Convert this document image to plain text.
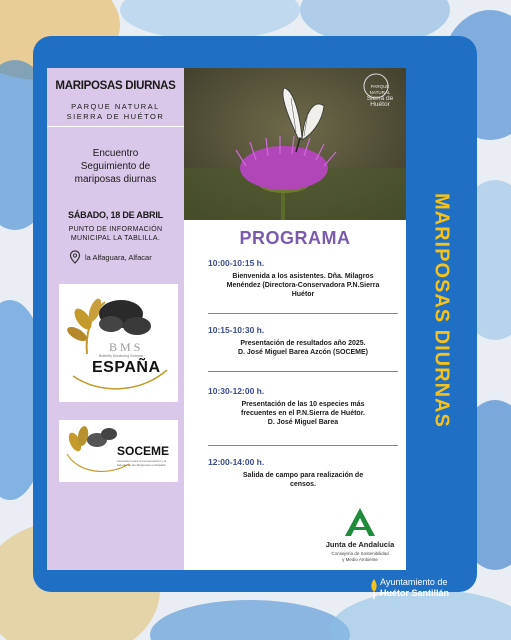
MARIPOSAS DIURNAS
PARQUE NATURAL
SIERRA DE HUÉTOR
Encuentro
Seguimiento de
mariposas diurnas
SÁBADO, 18 DE ABRIL
PUNTO DE INFORMACIÓN
MUNICIPAL LA TABLILLA.
la Alfaguara, Alfacar
BMS
Butterfly Monitoring Scheme
ESPAÑA
SOCEME
Asociación para la Conservación y el Estudio de las Mariposas en España
PARQUE NATURAL
Sierra de
Huétor
PROGRAMA
10:00-10:15 h.
Bienvenida a los asistentes. Dña. Milagros
Menéndez (Directora-Conservadora P.N.Sierra
Huétor
10:15-10:30 h.
Presentación de resultados año 2025.
D. José Miguel Barea Azcón (SOCEME)
10:30-12:00 h.
Presentación de las 10 especies más
frecuentes en el P.N.Sierra de Huétor.
D. José Miguel Barea
12:00-14:00 h.
Salida de campo para realización de
censos.
Junta de Andalucía
Consejería de Sostenibilidad
y Medio Ambiente
MARIPOSAS DIURNAS
Ayuntamiento de
Huétor Santillán
